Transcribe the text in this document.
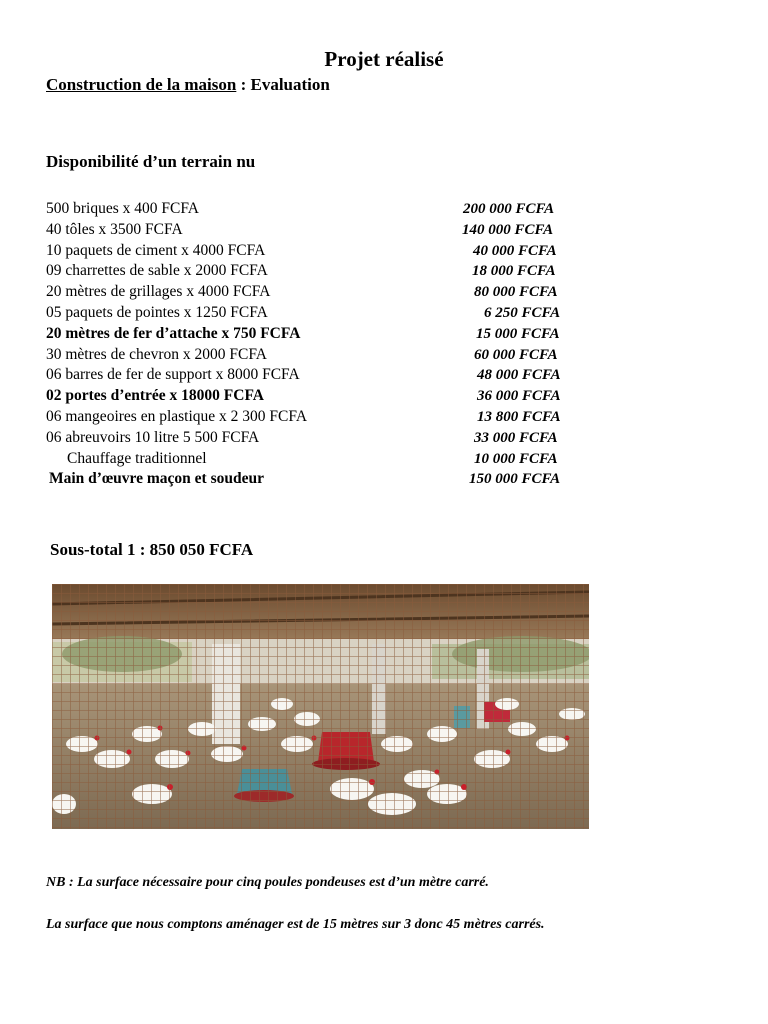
Projet réalisé
Construction de la maison : Evaluation
Disponibilité d’un terrain nu
500 briques x 400 FCFA	200 000 FCFA
40 tôles x 3500 FCFA	140 000 FCFA
10 paquets de ciment x 4000 FCFA	40 000 FCFA
09 charrettes de sable x 2000 FCFA	18 000 FCFA
20 mètres de grillages x 4000 FCFA	80 000 FCFA
05 paquets de pointes x 1250 FCFA	6 250 FCFA
20 mètres de fer d’attache x 750 FCFA	15 000 FCFA
30 mètres de chevron x 2000 FCFA	60 000 FCFA
06 barres de fer de support x 8000 FCFA	48 000 FCFA
02 portes d’entrée x 18000 FCFA	36 000 FCFA
06 mangeoires en plastique x 2 300 FCFA	13 800 FCFA
06 abreuvoirs 10 litre 5 500 FCFA	33 000 FCFA
Chauffage traditionnel	10 000 FCFA
Main d’œuvre maçon et soudeur	150 000 FCFA
Sous-total 1 : 850 050 FCFA
NB : La surface nécessaire pour cinq poules pondeuses est d’un mètre carré.
La surface que nous comptons aménager est de 15 mètres sur 3 donc 45 mètres carrés.
